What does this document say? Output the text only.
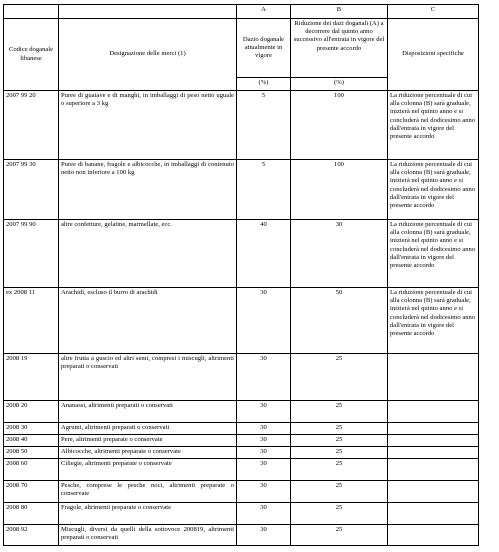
		A	B	C
Codice doganale libanese	Designazione delle merci (1)	Dazio doganale attualmente in vigore	Riduzione dei dazi doganali (A) a decorrere dal quinto anno successivo all'entrata in vigore del presente accordo	Disposizioni specifiche
		(%)	(%)	
2007 99 20	Puree di guaiave e di manghi, in imballaggi di peso netto uguale o superiore a 3 kg	5	100	La riduzione percentuale di cui alla colonna (B) sarà graduale, inizierà nel quinto anno e si concluderà nel dodicesimo anno dall'entrata in vigore del presente accordo
2007 99 30	Puree di banane, fragole e albicocche, in imballaggi di contenuto netto non inferiore a 100 kg	5	100	La riduzione percentuale di cui alla colonna (B) sarà graduale, inizierà nel quinto anno e si concluderà nel dodicesimo anno dall'entrata in vigore del presente accordo
2007 99 90	altre confetture, gelatine, marmellate, ecc.	40	30	La riduzione percentuale di cui alla colonna (B) sarà graduale, inizierà nel quinto anno e si concluderà nel dodicesimo anno dall'entrata in vigore del presente accordo
ex 2008 11	Arachidi, escluso il burro di arachidi	30	50	La riduzione percentuale di cui alla colonna (B) sarà graduale, inizierà nel quinto anno e si concluderà nel dodicesimo anno dall'entrata in vigore del presente accordo
2008 19	altre frutta a guscio ed altri semi, compresi i miscugli, altrimenti preparati o conservati	30	25	
2008 20	Ananassi, altrimenti preparati o conservati	30	25	
2008 30	Agrumi, altrimenti preparati o conservati	30	25	
2008 40	Pere, altrimenti preparate o conservate	30	25	
2008 50	Albicocche, altrimenti preparate o conservate	30	25	
2008 60	Ciliegie, altrimenti preparate o conservate	30	25	
2008 70	Pesche, comprese le pesche noci, altrimenti preparate o conservate	30	25	
2008 80	Fragole, altrimenti preparate o conservate	30	25	
2008 92	Miscugli, diversi da quelli della sottovoce 200819, altrimenti preparati o conservati	30	25	
